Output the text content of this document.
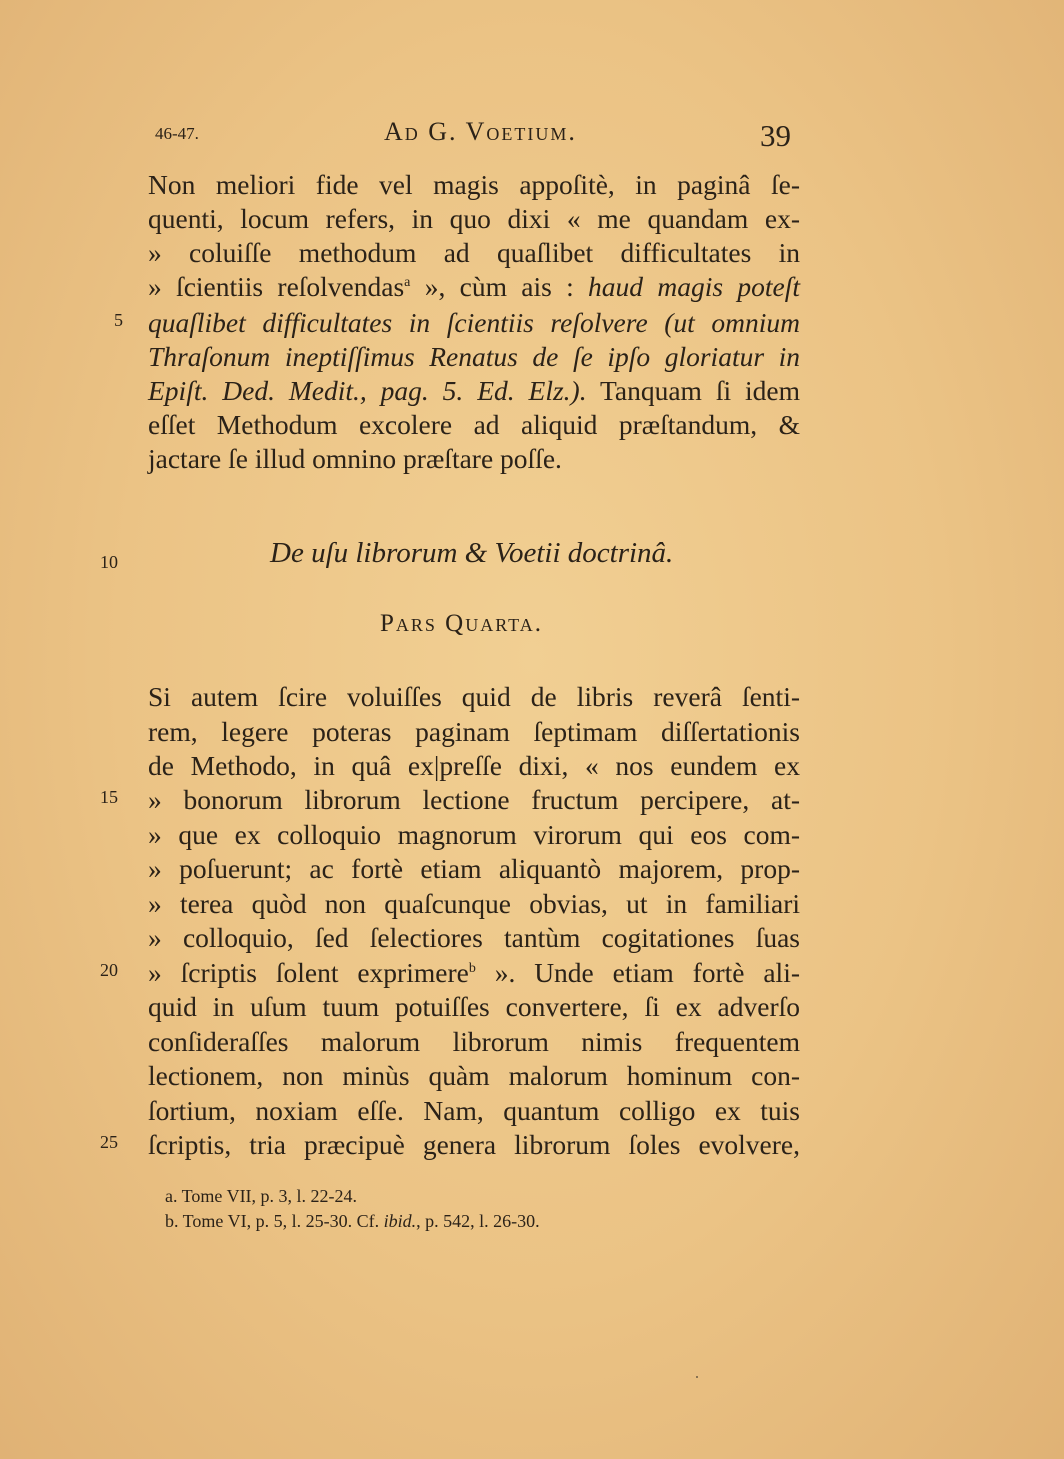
46-47.	Ad G. Voetium.	39
Non meliori fide vel magis appoſitè, in paginâ ſe-
quenti, locum refers, in quo dixi « me quandam ex-
» coluiſſe methodum ad quaſlibet difficultates in
» ſcientiis reſolvendas$^a$ », cùm ais : haud magis poteſt
quaſlibet difficultates in ſcientiis reſolvere (ut omnium
Thraſonum ineptiſſimus Renatus de ſe ipſo gloriatur in
Epiſt. Ded. Medit., pag. 5. Ed. Elz.). Tanquam ſi idem
eſſet Methodum excolere ad aliquid præſtandum, &
jactare ſe illud omnino præſtare poſſe.
De uſu librorum & Voetii doctrinâ.
Pars Quarta.
Si autem ſcire voluiſſes quid de libris reverâ ſenti-
rem, legere poteras paginam ſeptimam diſſertationis
de Methodo, in quâ ex|preſſe dixi, « nos eundem ex
» bonorum librorum lectione fructum percipere, at-
» que ex colloquio magnorum virorum qui eos com-
» poſuerunt; ac fortè etiam aliquantò majorem, prop-
» terea quòd non quaſcunque obvias, ut in familiari
» colloquio, ſed ſelectiores tantùm cogitationes ſuas
» ſcriptis ſolent exprimere$^b$ ». Unde etiam fortè ali-
quid in uſum tuum potuiſſes convertere, ſi ex adverſo
conſideraſſes malorum librorum nimis frequentem
lectionem, non minùs quàm malorum hominum con-
ſortium, noxiam eſſe. Nam, quantum colligo ex tuis
ſcriptis, tria præcipuè genera librorum ſoles evolvere,
5
10
15
20
25
a. Tome VII, p. 3, l. 22-24.
b. Tome VI, p. 5, l. 25-30. Cf. ibid., p. 542, l. 26-30.
